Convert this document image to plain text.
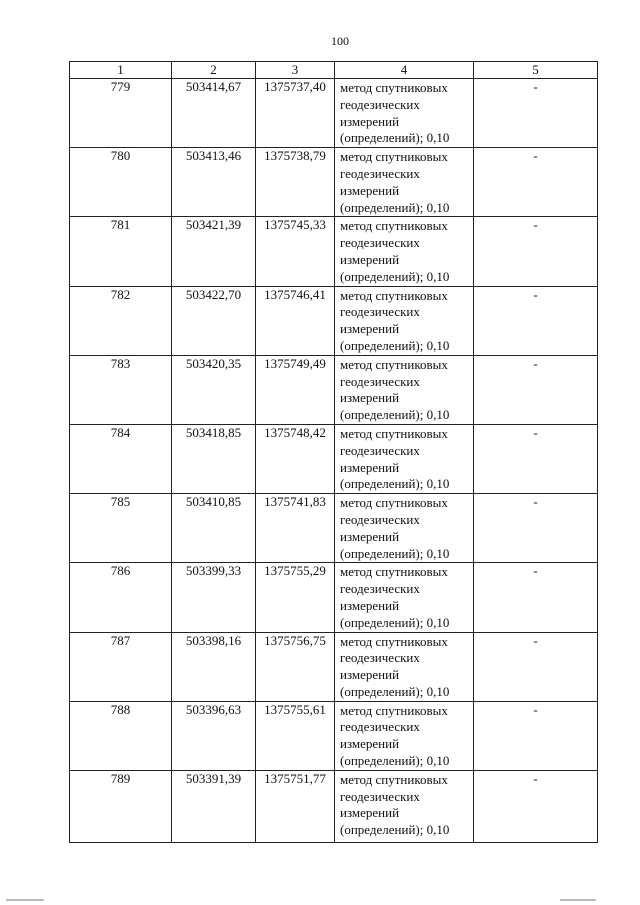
100
1	2	3	4	5
779	503414,67	1375737,40	метод спутниковых геодезических измерений (определений); 0,10	-
780	503413,46	1375738,79	метод спутниковых геодезических измерений (определений); 0,10	-
781	503421,39	1375745,33	метод спутниковых геодезических измерений (определений); 0,10	-
782	503422,70	1375746,41	метод спутниковых геодезических измерений (определений); 0,10	-
783	503420,35	1375749,49	метод спутниковых геодезических измерений (определений); 0,10	-
784	503418,85	1375748,42	метод спутниковых геодезических измерений (определений); 0,10	-
785	503410,85	1375741,83	метод спутниковых геодезических измерений (определений); 0,10	-
786	503399,33	1375755,29	метод спутниковых геодезических измерений (определений); 0,10	-
787	503398,16	1375756,75	метод спутниковых геодезических измерений (определений); 0,10	-
788	503396,63	1375755,61	метод спутниковых геодезических измерений (определений); 0,10	-
789	503391,39	1375751,77	метод спутниковых геодезических измерений (определений); 0,10	-
